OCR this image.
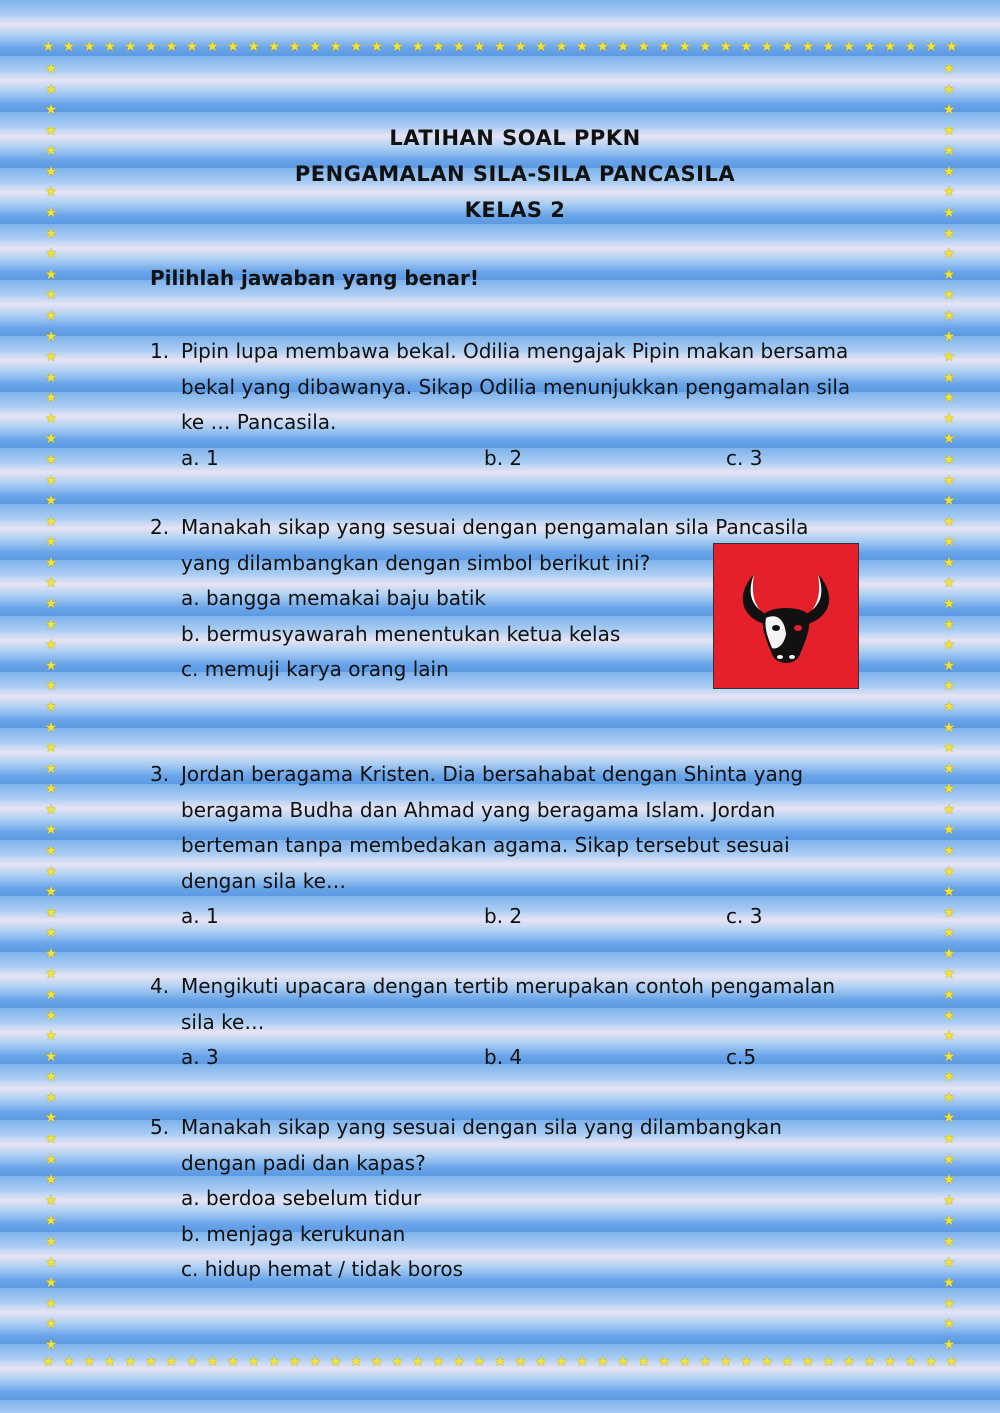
★ ★ ★ ★ ★ ★ ★ ★ ★ ★ ★ ★ ★ ★ ★ ★ ★ ★ ★ ★ ★ ★ ★ ★ ★ ★ ★ ★ ★ ★ ★ ★ ★ ★ ★ ★ ★ ★ ★ ★ ★ ★ ★ ★ ★
★ ★ ★ ★ ★ ★ ★ ★ ★ ★ ★ ★ ★ ★ ★ ★ ★ ★ ★ ★ ★ ★ ★ ★ ★ ★ ★ ★ ★ ★ ★ ★ ★ ★ ★ ★ ★ ★ ★ ★ ★ ★ ★ ★ ★
★
★
★
★
★
★
★
★
★
★
★
★
★
★
★
★
★
★
★
★
★
★
★
★
★
★
★
★
★
★
★
★
★
★
★
★
★
★
★
★
★
★
★
★
★
★
★
★
★
★
★
★
★
★
★
★
★
★
★
★
★
★
★
★
★
★
★
★
★
★
★
★
★
★
★
★
★
★
★
★
★
★
★
★
★
★
★
★
★
★
★
★
★
★
★
★
★
★
★
★
★
★
★
★
★
★
★
★
★
★
★
★
★
★
★
★
★
★
★
★
★
★
★
★
★
★
LATIHAN SOAL PPKN
PENGAMALAN SILA-SILA PANCASILA
KELAS 2
Pilihlah jawaban yang benar!
1. Pipin lupa membawa bekal. Odilia mengajak Pipin makan bersama
bekal yang dibawanya. Sikap Odilia menunjukkan pengamalan sila
ke … Pancasila.
a. 1	b. 2	c. 3
2. Manakah sikap yang sesuai dengan pengamalan sila Pancasila
yang dilambangkan dengan simbol berikut ini?
a. bangga memakai baju batik
b. bermusyawarah menentukan ketua kelas
c. memuji karya orang lain
3. Jordan beragama Kristen. Dia bersahabat dengan Shinta yang
beragama Budha dan Ahmad yang beragama Islam. Jordan
berteman tanpa membedakan agama. Sikap tersebut sesuai
dengan sila ke…
a. 1	b. 2	c. 3
4. Mengikuti upacara dengan tertib merupakan contoh pengamalan
sila ke…
a. 3	b. 4	c.5
5. Manakah sikap yang sesuai dengan sila yang dilambangkan
dengan padi dan kapas?
a. berdoa sebelum tidur
b. menjaga kerukunan
c. hidup hemat / tidak boros
